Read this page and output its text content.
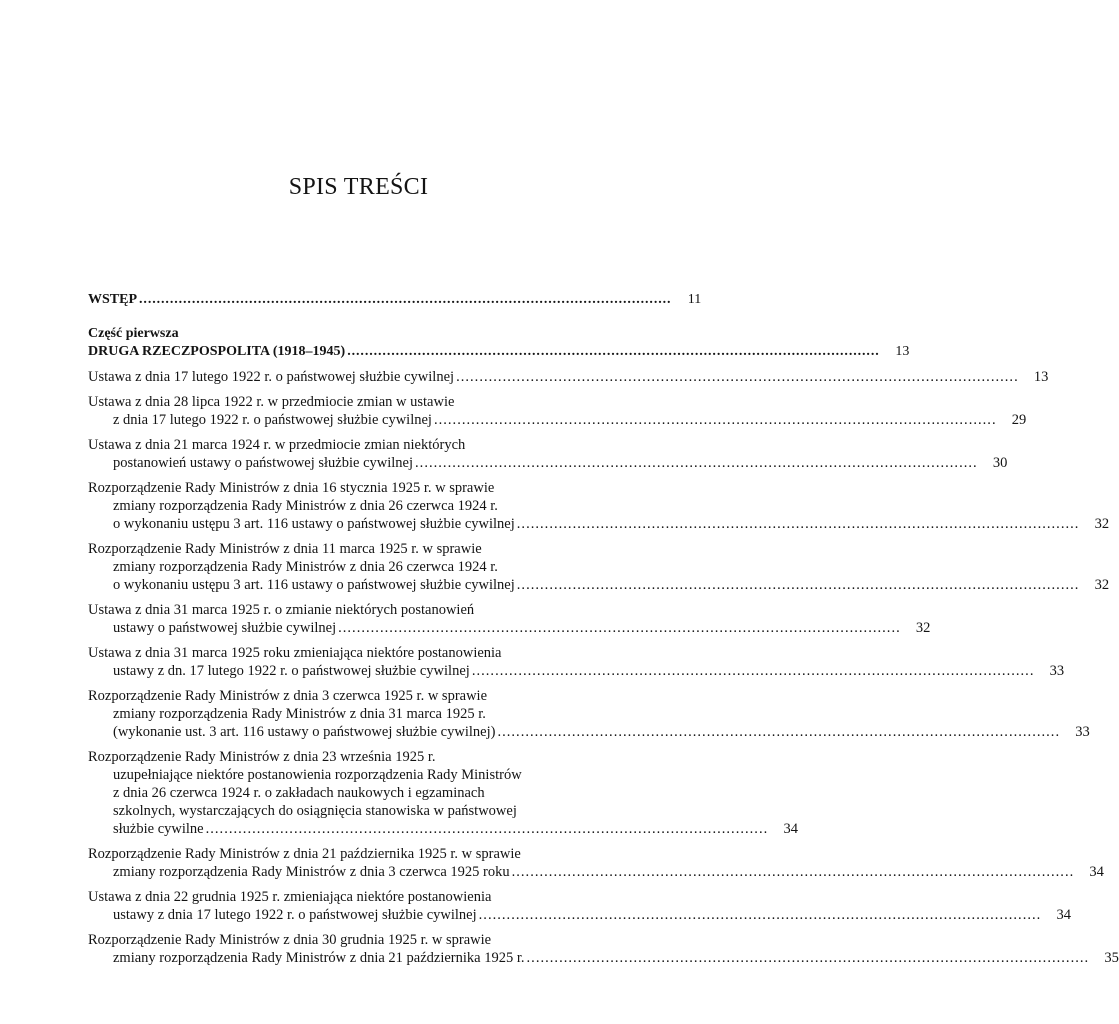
SPIS TREŚCI
WSTĘP . . .	11
Część pierwsza
DRUGA RZECZPOSPOLITA (1918–1945) . . .	13
Ustawa z dnia 17 lutego 1922 r. o państwowej służbie cywilnej . . .	13
Ustawa z dnia 28 lipca 1922 r. w przedmiocie zmian w ustawie
z dnia 17 lutego 1922 r. o państwowej służbie cywilnej . . .	29
Ustawa z dnia 21 marca 1924 r. w przedmiocie zmian niektórych
postanowień ustawy o państwowej służbie cywilnej . . .	30
Rozporządzenie Rady Ministrów z dnia 16 stycznia 1925 r. w sprawie
zmiany rozporządzenia Rady Ministrów z dnia 26 czerwca 1924 r.
o wykonaniu ustępu 3 art. 116 ustawy o państwowej służbie cywilnej . . .	32
Rozporządzenie Rady Ministrów z dnia 11 marca 1925 r. w sprawie
zmiany rozporządzenia Rady Ministrów z dnia 26 czerwca 1924 r.
o wykonaniu ustępu 3 art. 116 ustawy o państwowej służbie cywilnej . . .	32
Ustawa z dnia 31 marca 1925 r. o zmianie niektórych postanowień
ustawy o państwowej służbie cywilnej . . .	32
Ustawa z dnia 31 marca 1925 roku zmieniająca niektóre postanowienia
ustawy z dn. 17 lutego 1922 r. o państwowej służbie cywilnej . . .	33
Rozporządzenie Rady Ministrów z dnia 3 czerwca 1925 r. w sprawie
zmiany rozporządzenia Rady Ministrów z dnia 31 marca 1925 r.
(wykonanie ust. 3 art. 116 ustawy o państwowej służbie cywilnej) . . .	33
Rozporządzenie Rady Ministrów z dnia 23 września 1925 r.
uzupełniające niektóre postanowienia rozporządzenia Rady Ministrów
z dnia 26 czerwca 1924 r. o zakładach naukowych i egzaminach
szkolnych, wystarczających do osiągnięcia stanowiska w państwowej
służbie cywilne . . .	34
Rozporządzenie Rady Ministrów z dnia 21 października 1925 r. w sprawie
zmiany rozporządzenia Rady Ministrów z dnia 3 czerwca 1925 roku . . .	34
Ustawa z dnia 22 grudnia 1925 r. zmieniająca niektóre postanowienia
ustawy z dnia 17 lutego 1922 r. o państwowej służbie cywilnej . . .	34
Rozporządzenie Rady Ministrów z dnia 30 grudnia 1925 r. w sprawie
zmiany rozporządzenia Rady Ministrów z dnia 21 października 1925 r. . . .	35
